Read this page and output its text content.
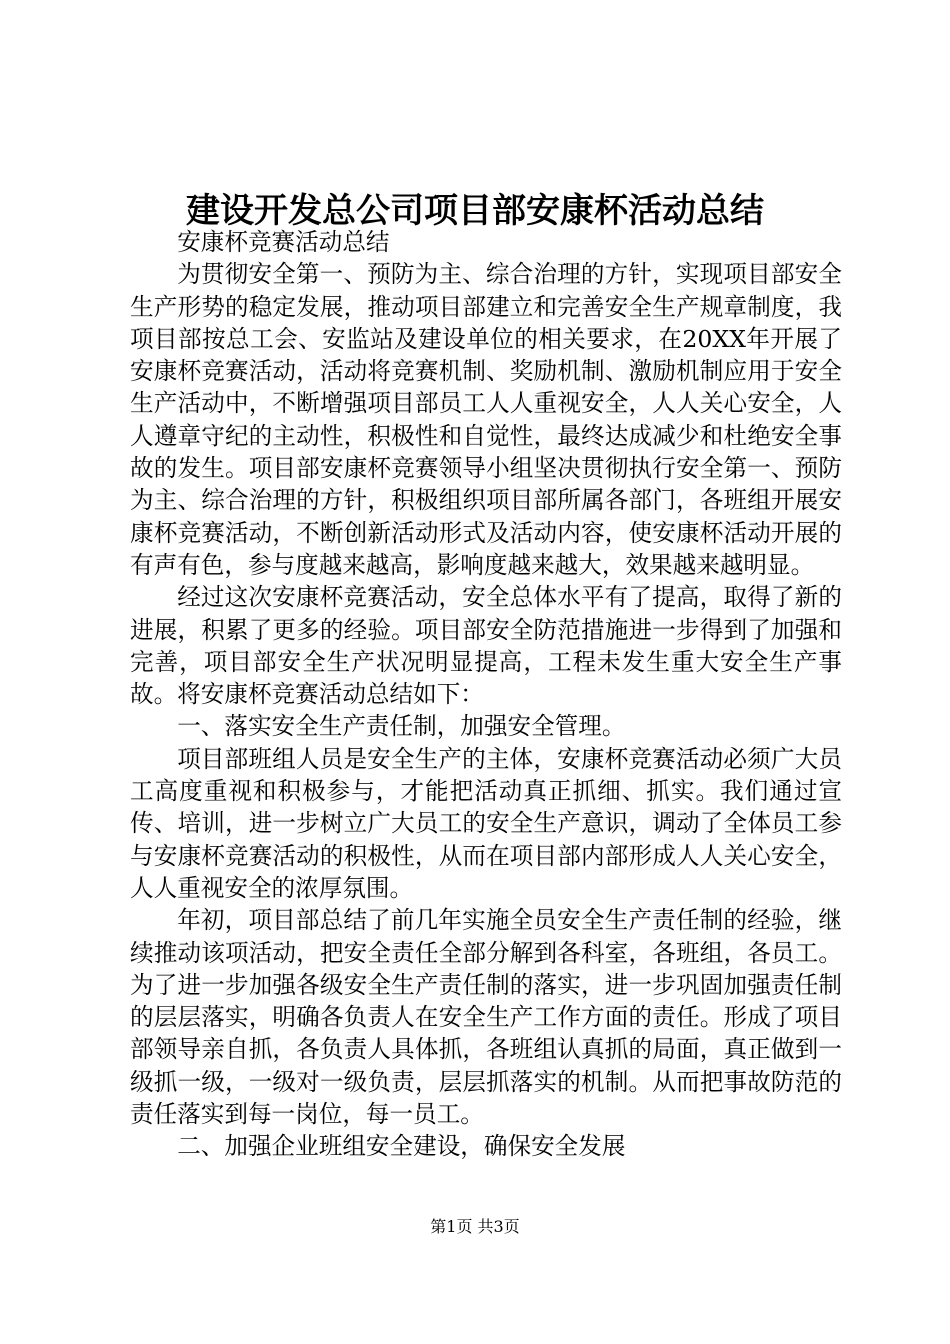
建设开发总公司项目部安康杯活动总结

安康杯竞赛活动总结

为贯彻安全第一、预防为主、综合治理的方针，实现项目部安全生产形势的稳定发展，推动项目部建立和完善安全生产规章制度，我项目部按总工会、安监站及建设单位的相关要求，在20XX年开展了安康杯竞赛活动，活动将竞赛机制、奖励机制、激励机制应用于安全生产活动中，不断增强项目部员工人人重视安全，人人关心安全，人人遵章守纪的主动性，积极性和自觉性，最终达成减少和杜绝安全事故的发生。项目部安康杯竞赛领导小组坚决贯彻执行安全第一、预防为主、综合治理的方针，积极组织项目部所属各部门，各班组开展安康杯竞赛活动，不断创新活动形式及活动内容，使安康杯活动开展的有声有色，参与度越来越高，影响度越来越大，效果越来越明显。

经过这次安康杯竞赛活动，安全总体水平有了提高，取得了新的进展，积累了更多的经验。项目部安全防范措施进一步得到了加强和完善，项目部安全生产状况明显提高，工程未发生重大安全生产事故。将安康杯竞赛活动总结如下：

一、落实安全生产责任制，加强安全管理。

项目部班组人员是安全生产的主体，安康杯竞赛活动必须广大员工高度重视和积极参与，才能把活动真正抓细、抓实。我们通过宣传、培训，进一步树立广大员工的安全生产意识，调动了全体员工参与安康杯竞赛活动的积极性，从而在项目部内部形成人人关心安全，人人重视安全的浓厚氛围。

年初，项目部总结了前几年实施全员安全生产责任制的经验，继续推动该项活动，把安全责任全部分解到各科室，各班组，各员工。为了进一步加强各级安全生产责任制的落实，进一步巩固加强责任制的层层落实，明确各负责人在安全生产工作方面的责任。形成了项目部领导亲自抓，各负责人具体抓，各班组认真抓的局面，真正做到一级抓一级，一级对一级负责，层层抓落实的机制。从而把事故防范的责任落实到每一岗位，每一员工。

二、加强企业班组安全建设，确保安全发展

第1页 共3页
